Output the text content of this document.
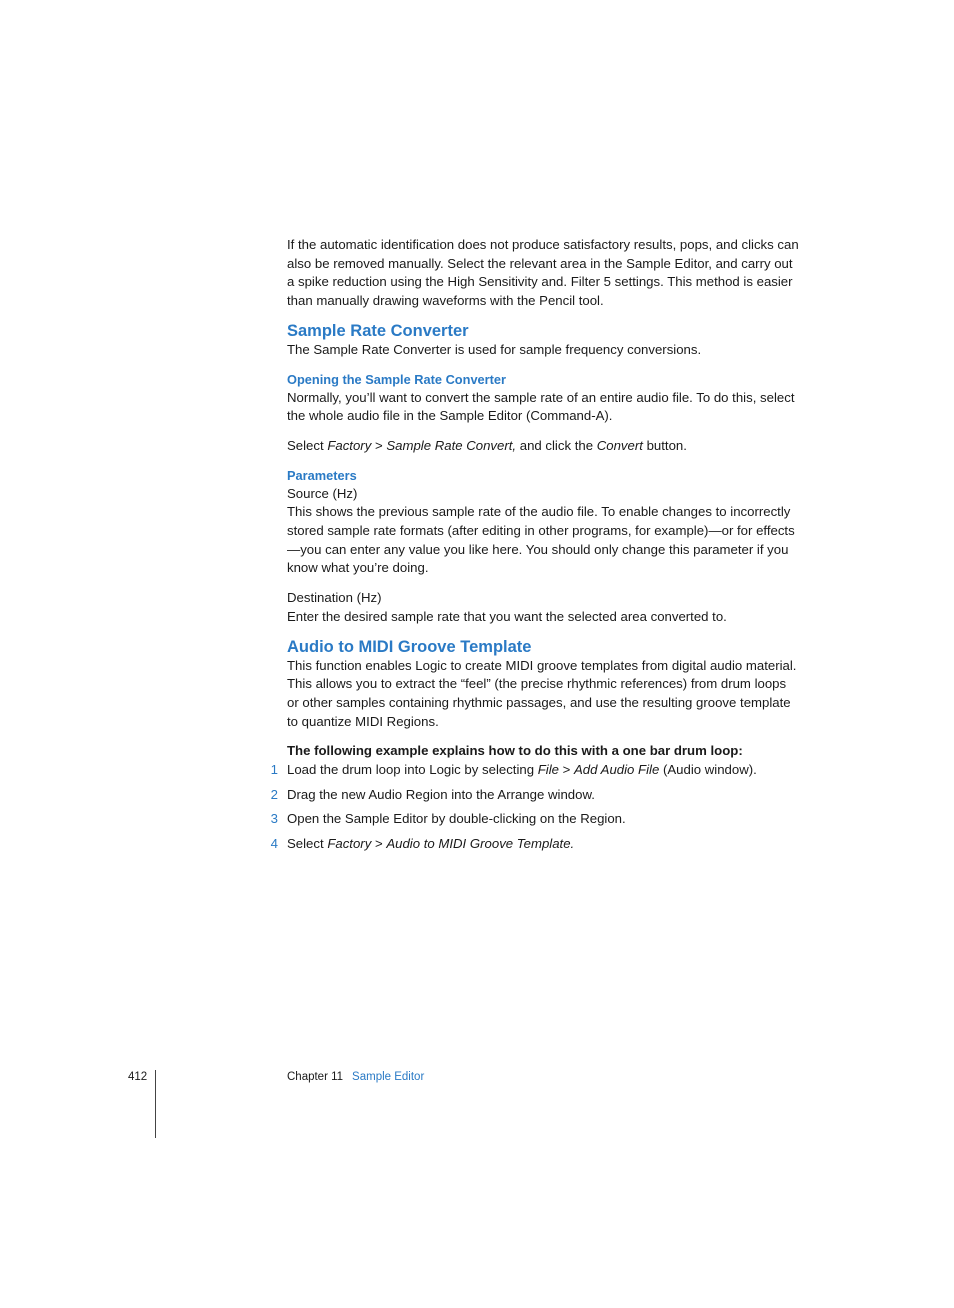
If the automatic identification does not produce satisfactory results, pops, and clicks can also be removed manually. Select the relevant area in the Sample Editor, and carry out a spike reduction using the High Sensitivity and. Filter 5 settings. This method is easier than manually drawing waveforms with the Pencil tool.

Sample Rate Converter

The Sample Rate Converter is used for sample frequency conversions.

Opening the Sample Rate Converter

Normally, you’ll want to convert the sample rate of an entire audio file. To do this, select the whole audio file in the Sample Editor (Command-A).

Select Factory > Sample Rate Convert, and click the Convert button.

Parameters

Source (Hz)

This shows the previous sample rate of the audio file. To enable changes to incorrectly stored sample rate formats (after editing in other programs, for example)—or for effects—you can enter any value you like here. You should only change this parameter if you know what you’re doing.

Destination (Hz)

Enter the desired sample rate that you want the selected area converted to.

Audio to MIDI Groove Template

This function enables Logic to create MIDI groove templates from digital audio material. This allows you to extract the “feel” (the precise rhythmic references) from drum loops or other samples containing rhythmic passages, and use the resulting groove template to quantize MIDI Regions.

The following example explains how to do this with a one bar drum loop:

1 Load the drum loop into Logic by selecting File > Add Audio File (Audio window).
2 Drag the new Audio Region into the Arrange window.
3 Open the Sample Editor by double-clicking on the Region.
4 Select Factory > Audio to MIDI Groove Template.
412	Chapter 11 Sample Editor
